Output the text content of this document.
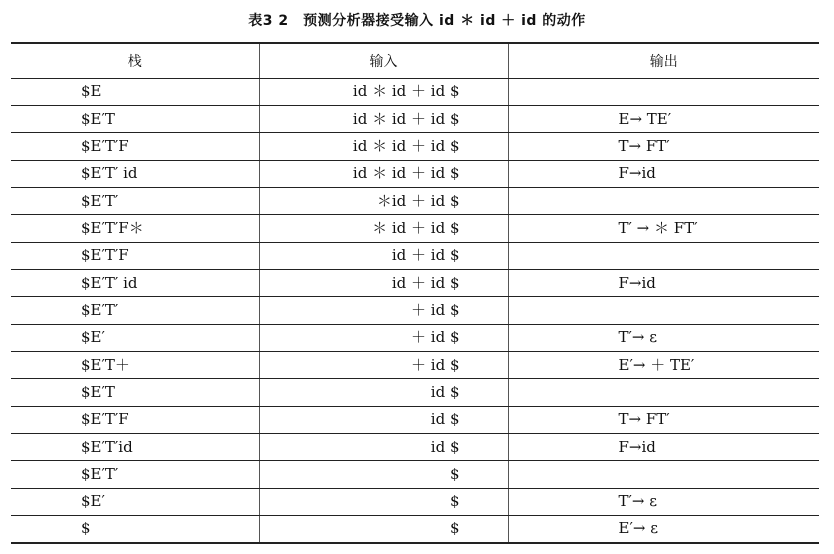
表3 2　预测分析器接受输入 id ＊ id ＋ id 的动作
栈	输入	输出
$E	id ＊ id ＋ id $	
$E′T	id ＊ id ＋ id $	E→ TE′
$E′T′F	id ＊ id ＋ id $	T→ FT′
$E′T′ id	id ＊ id ＋ id $	F→id
$E′T′	＊id ＋ id $	
$E′T′F＊	＊ id ＋ id $	T′ → ＊ FT′
$E′T′F	id ＋ id $	
$E′T′ id	id ＋ id $	F→id
$E′T′	＋ id $	
$E′	＋ id $	T′→ ε
$E′T＋	＋ id $	E′→ ＋ TE′
$E′T	id $	
$E′T′F	id $	T→ FT′
$E′T′id	id $	F→id
$E′T′	$	
$E′	$	T′→ ε
$	$	E′→ ε
